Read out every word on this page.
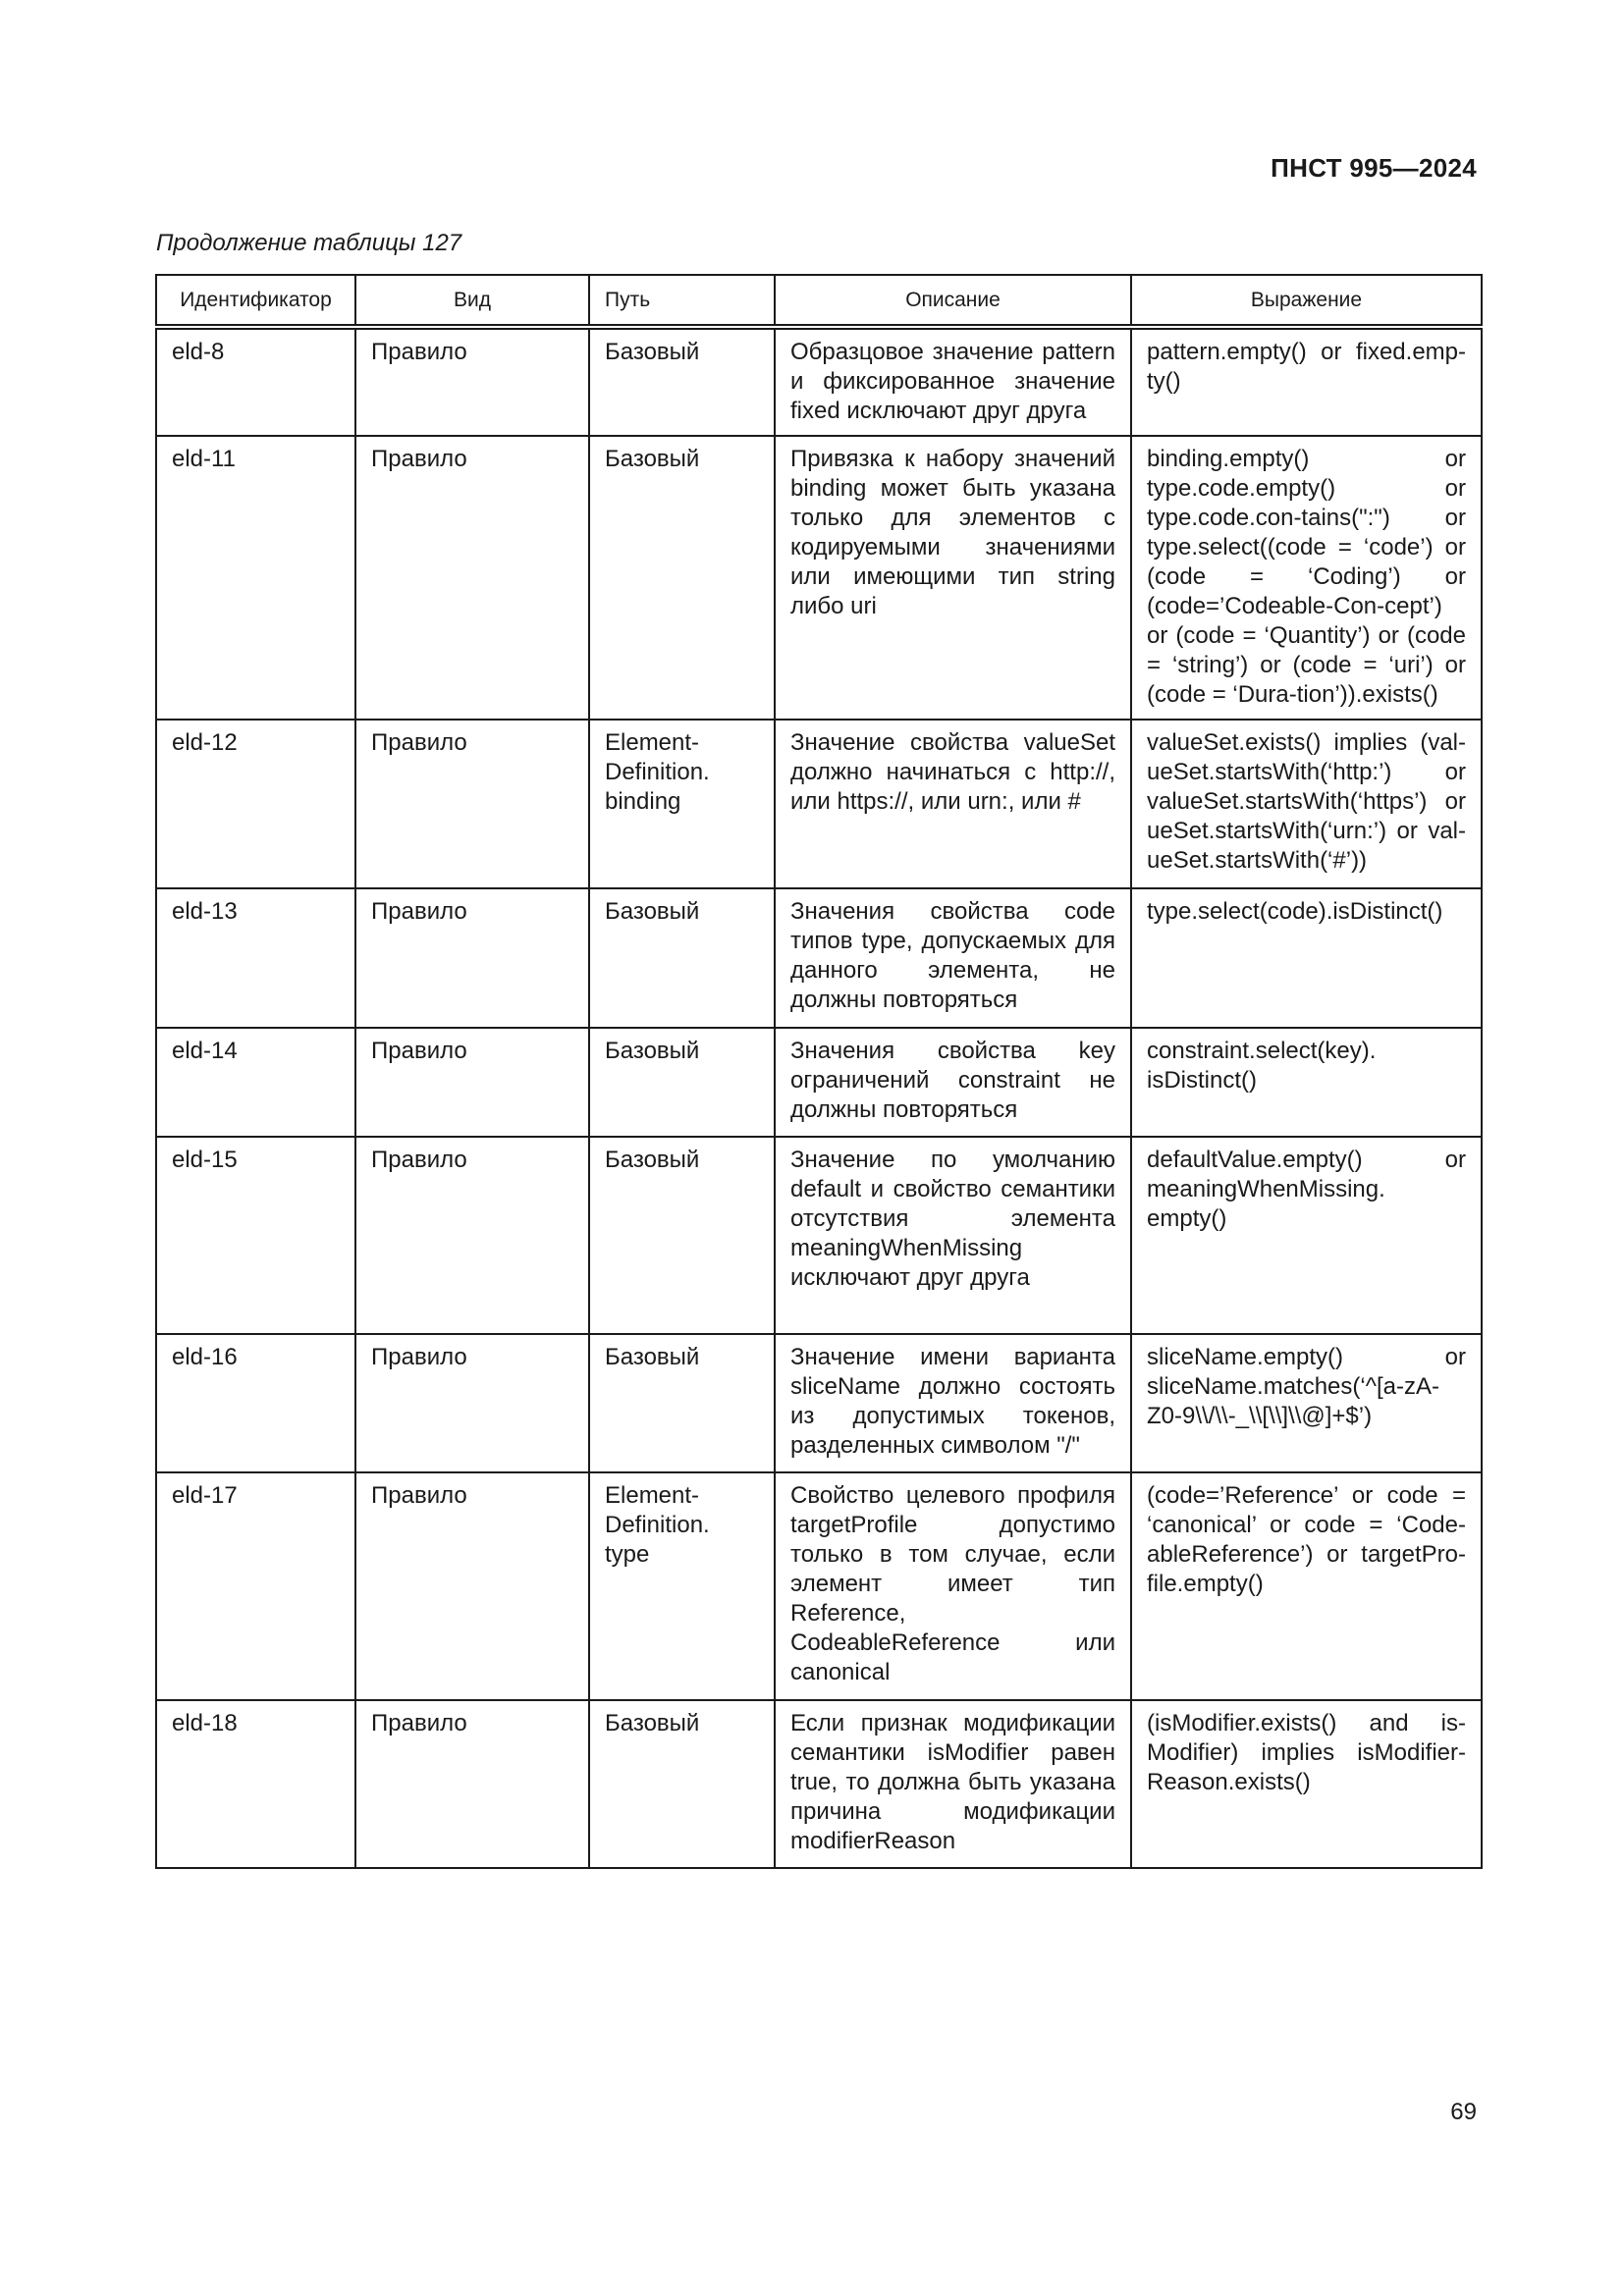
ПНСТ 995—2024
Продолжение таблицы 127
Идентификатор	Вид	Путь	Описание	Выражение
eld-8	Правило	Базовый	Образцовое значение pattern и фиксированное значение fixed исключают друг друга	pattern.empty() or fixed.emp-ty()
eld-11	Правило	Базовый	Привязка к набору значений binding может быть указана только для элементов с кодируемыми значениями или имеющими тип string либо uri	binding.empty() or type.code.empty() or type.code.con-tains(":") or type.select((code = ‘code’) or (code = ‘Coding’) or (code=’Codeable-Con-cept’) or (code = ‘Quantity’) or (code = ‘string’) or (code = ‘uri’) or (code = ‘Dura-tion’)).exists()
eld-12	Правило	Element-Definition. binding	Значение свойства valueSet должно начинаться с http://, или https://, или urn:, или #	valueSet.exists() implies (val-ueSet.startsWith(‘http:’) or valueSet.startsWith(‘https’) or ueSet.startsWith(‘urn:’) or val-ueSet.startsWith(‘#’))
eld-13	Правило	Базовый	Значения свойства code типов type, допускаемых для данного элемента, не должны повторяться	type.select(code).isDistinct()
eld-14	Правило	Базовый	Значения свойства key ограничений constraint не должны повторяться	constraint.select(key). isDistinct()
eld-15	Правило	Базовый	Значение по умолчанию default и свойство семантики отсутствия элемента meaningWhenMissing исключают друг друга	defaultValue.empty() or meaningWhenMissing. empty()
eld-16	Правило	Базовый	Значение имени варианта sliceName должно состоять из допустимых токенов, разделенных символом "/"	sliceName.empty() or sliceName.matches(‘^[a-zA-Z0-9\\/\\-_\\[\\]\\@]+$’)
eld-17	Правило	Element-Definition. type	Свойство целевого профиля targetProfile допустимо только в том случае, если элемент имеет тип Reference, CodeableReference или canonical	(code=’Reference’ or code = ‘canonical’ or code = ‘Code-ableReference’) or targetPro-file.empty()
eld-18	Правило	Базовый	Если признак модификации семантики isModifier равен true, то должна быть указана причина модификации modifierReason	(isModifier.exists() and is-Modifier) implies isModifier-Reason.exists()
69
